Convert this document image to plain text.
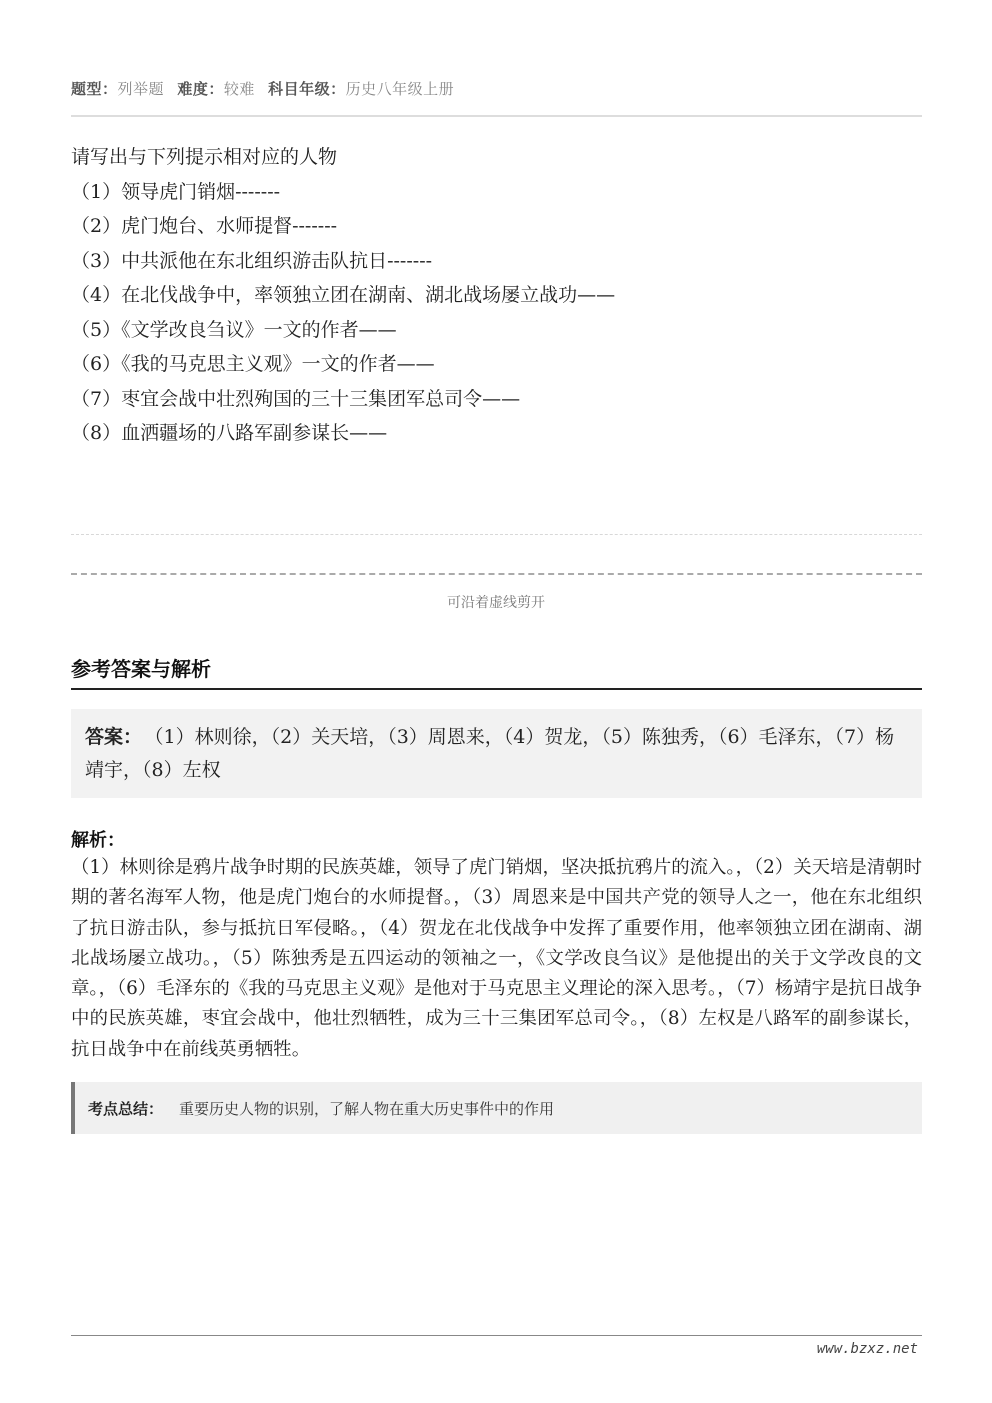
题型：列举题 难度：较难 科目年级：历史八年级上册
请写出与下列提示相对应的人物
（1）领导虎门销烟-------
（2）虎门炮台、水师提督-------
（3）中共派他在东北组织游击队抗日-------
（4）在北伐战争中，率领独立团在湖南、湖北战场屡立战功——
（5）《文学改良刍议》一文的作者——
（6）《我的马克思主义观》一文的作者——
（7）枣宜会战中壮烈殉国的三十三集团军总司令——
（8）血洒疆场的八路军副参谋长——
可沿着虚线剪开
参考答案与解析
答案： （1）林则徐，（2）关天培，（3）周恩来，（4）贺龙，（5）陈独秀，（6）毛泽东，（7）杨靖宇，（8）左权
解析：
（1）林则徐是鸦片战争时期的民族英雄，领导了虎门销烟，坚决抵抗鸦片的流入。，（2）关天培是清朝时期的著名海军人物，他是虎门炮台的水师提督。，（3）周恩来是中国共产党的领导人之一，他在东北组织了抗日游击队，参与抵抗日军侵略。，（4）贺龙在北伐战争中发挥了重要作用，他率领独立团在湖南、湖北战场屡立战功。，（5）陈独秀是五四运动的领袖之一，《文学改良刍议》是他提出的关于文学改良的文章。，（6）毛泽东的《我的马克思主义观》是他对于马克思主义理论的深入思考。，（7）杨靖宇是抗日战争中的民族英雄，枣宜会战中，他壮烈牺牲，成为三十三集团军总司令。，（8）左权是八路军的副参谋长，抗日战争中在前线英勇牺牲。
考点总结： 重要历史人物的识别，了解人物在重大历史事件中的作用
www.bzxz.net
